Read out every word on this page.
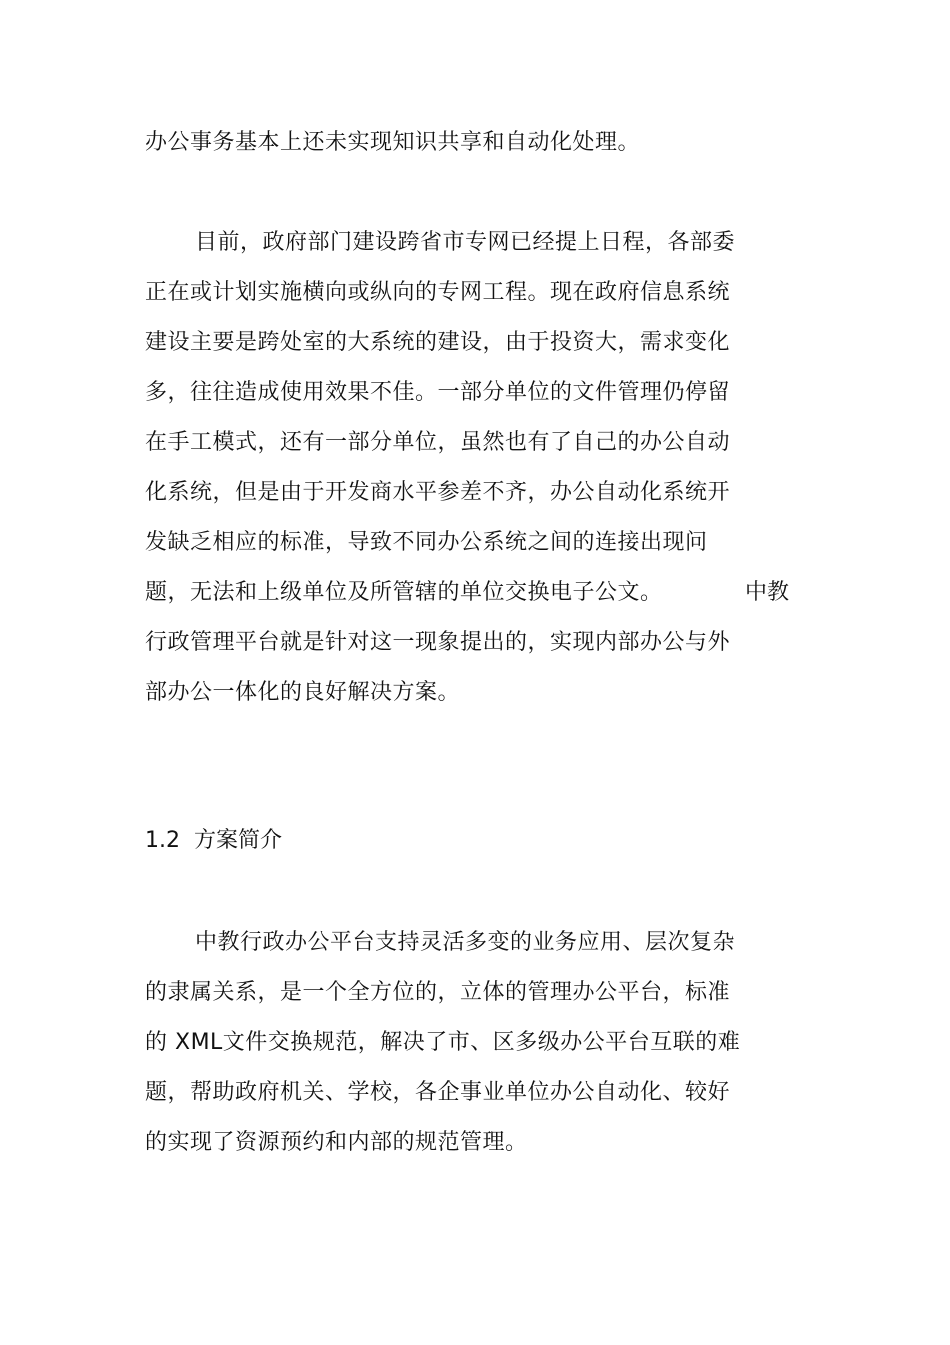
办公事务基本上还未实现知识共享和自动化处理。
目前，政府部门建设跨省市专网已经提上日程，各部委
正在或计划实施横向或纵向的专网工程。现在政府信息系统
建设主要是跨处室的大系统的建设，由于投资大，需求变化
多，往往造成使用效果不佳。一部分单位的文件管理仍停留
在手工模式，还有一部分单位，虽然也有了自己的办公自动
化系统，但是由于开发商水平参差不齐，办公自动化系统开
发缺乏相应的标准，导致不同办公系统之间的连接出现问
题，无法和上级单位及所管辖的单位交换电子公文。	中教
行政管理平台就是针对这一现象提出的，实现内部办公与外
部办公一体化的良好解决方案。
1.2  方案简介
中教行政办公平台支持灵活多变的业务应用、层次复杂
的隶属关系，是一个全方位的，立体的管理办公平台，标准
的 XML文件交换规范，解决了市、区多级办公平台互联的难
题，帮助政府机关、学校，各企事业单位办公自动化、较好
的实现了资源预约和内部的规范管理。
